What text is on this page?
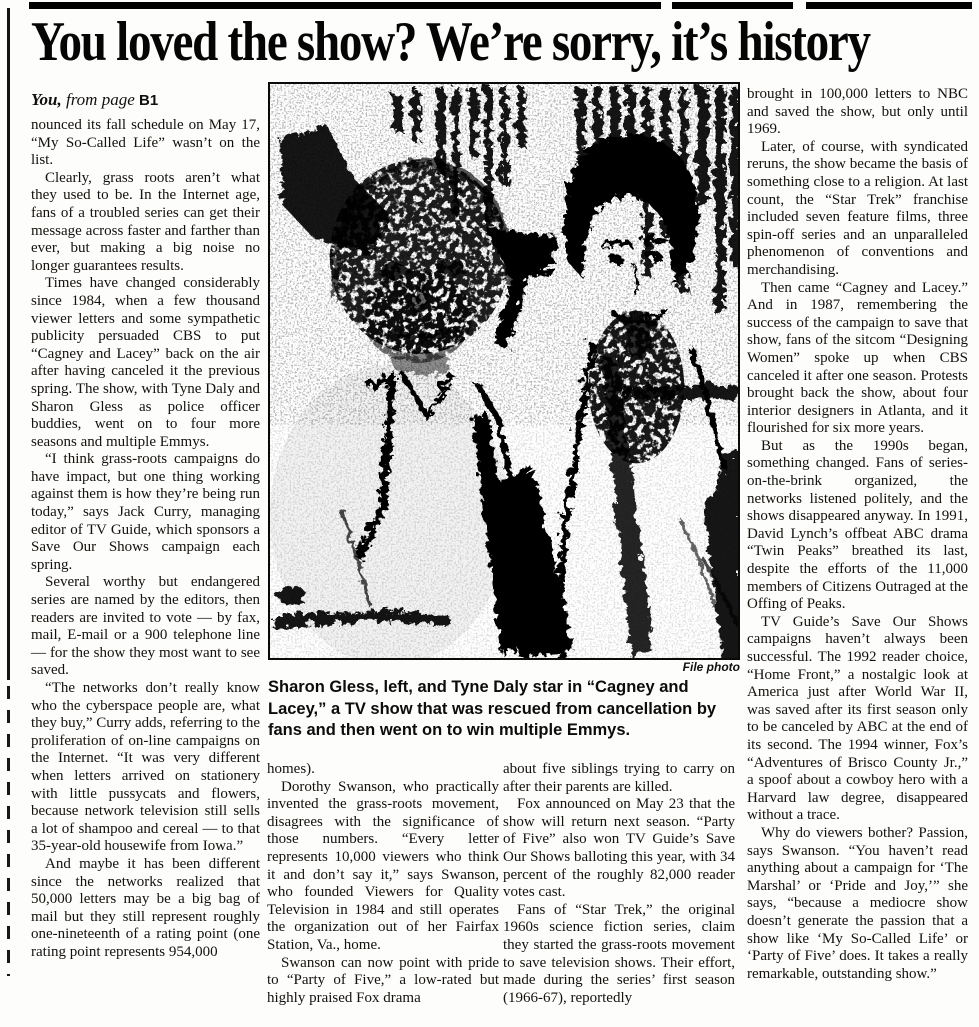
You loved the show? We’re sorry, it’s history
You, from page B1

nounced its fall schedule on May 17, “My So-Called Life” wasn’t on the list.

Clearly, grass roots aren’t what they used to be. In the Internet age, fans of a troubled series can get their message across faster and farther than ever, but making a big noise no longer guarantees results.

Times have changed considerably since 1984, when a few thousand viewer letters and some sympathetic publicity persuaded CBS to put “Cagney and Lacey” back on the air after having canceled it the previous spring. The show, with Tyne Daly and Sharon Gless as police officer buddies, went on to four more seasons and multiple Emmys.

“I think grass-roots campaigns do have impact, but one thing working against them is how they’re being run today,” says Jack Curry, managing editor of TV Guide, which sponsors a Save Our Shows campaign each spring.

Several worthy but endangered series are named by the editors, then readers are invited to vote — by fax, mail, E-mail or a 900 telephone line — for the show they most want to see saved.

“The networks don’t really know who the cyberspace people are, what they buy,” Curry adds, referring to the proliferation of on-line campaigns on the Internet. “It was very different when letters arrived on stationery with little pussycats and flowers, because network television still sells a lot of shampoo and cereal — to that 35-year-old housewife from Iowa.”

And maybe it has been different since the networks realized that 50,000 letters may be a big bag of mail but they still represent roughly one-nineteenth of a rating point (one rating point represents 954,000

File photo
Sharon Gless, left, and Tyne Daly star in “Cagney and Lacey,” a TV show that was rescued from cancellation by fans and then went on to win multiple Emmys.

brought in 100,000 letters to NBC and saved the show, but only until 1969.

Later, of course, with syndicated reruns, the show became the basis of something close to a religion. At last count, the “Star Trek” franchise included seven feature films, three spin-off series and an unparalleled phenomenon of conventions and merchandising.

Then came “Cagney and Lacey.” And in 1987, remembering the success of the campaign to save that show, fans of the sitcom “Designing Women” spoke up when CBS canceled it after one season. Protests brought back the show, about four interior designers in Atlanta, and it flourished for six more years.

But as the 1990s began, something changed. Fans of series-on-the-brink organized, the networks listened politely, and the shows disappeared anyway. In 1991, David Lynch’s offbeat ABC drama “Twin Peaks” breathed its last, despite the efforts of the 11,000 members of Citizens Outraged at the Offing of Peaks.

TV Guide’s Save Our Shows campaigns haven’t always been successful. The 1992 reader choice, “Home Front,” a nostalgic look at America just after World War II, was saved after its first season only to be canceled by ABC at the end of its second. The 1994 winner, Fox’s “Adventures of Brisco County Jr.,” a spoof about a cowboy hero with a Harvard law degree, disappeared without a trace.

Why do viewers bother? Passion, says Swanson. “You haven’t read anything about a campaign for ‘The Marshal’ or ‘Pride and Joy,’” she says, “because a mediocre show doesn’t generate the passion that a show like ‘My So-Called Life’ or ‘Party of Five’ does. It takes a really remarkable, outstanding show.”

homes).

Dorothy Swanson, who practically invented the grass-roots movement, disagrees with the significance of those numbers. “Every letter represents 10,000 viewers who think it and don’t say it,” says Swanson, who founded Viewers for Quality Television in 1984 and still operates the organization out of her Fairfax Station, Va., home.

Swanson can now point with pride to “Party of Five,” a low-rated but highly praised Fox drama

about five siblings trying to carry on after their parents are killed.

Fox announced on May 23 that the show will return next season. “Party of Five” also won TV Guide’s Save Our Shows balloting this year, with 34 percent of the roughly 82,000 reader votes cast.

Fans of “Star Trek,” the original 1960s science fiction series, claim they started the grass-roots movement to save television shows. Their effort, made during the series’ first season (1966-67), reportedly
